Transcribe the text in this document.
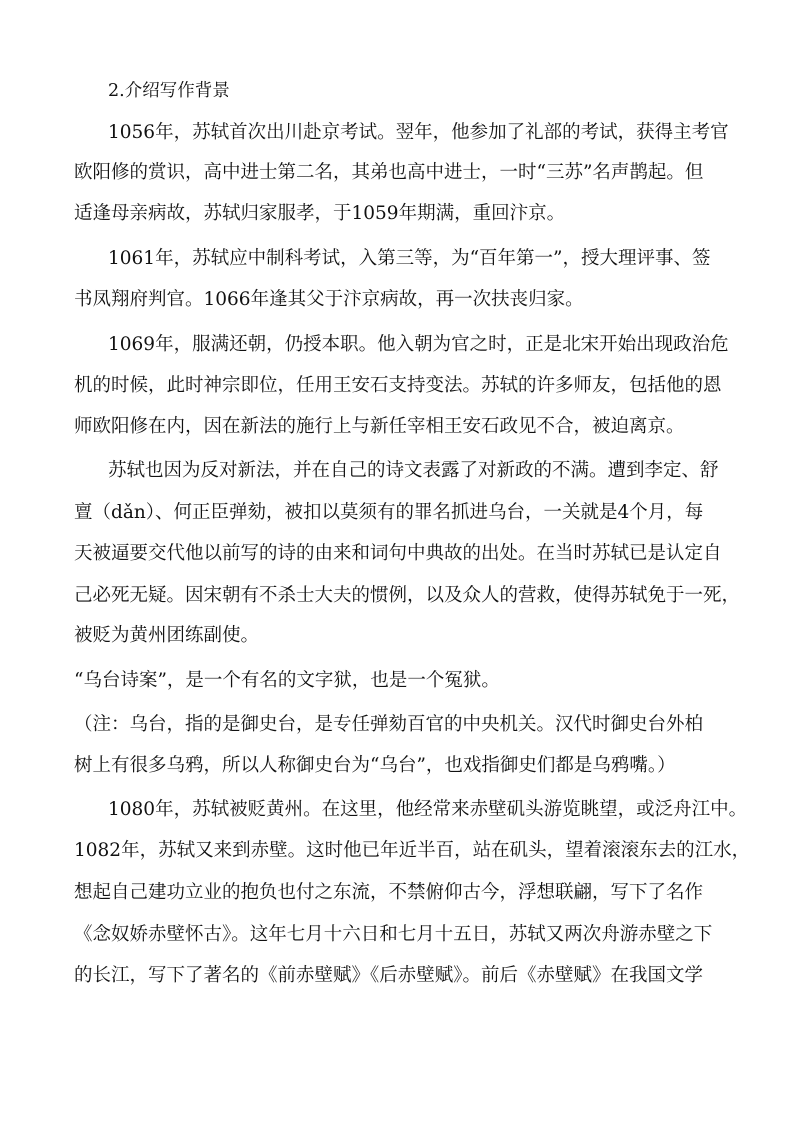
2.介绍写作背景
1056年，苏轼首次出川赴京考试。翌年，他参加了礼部的考试，获得主考官
欧阳修的赏识，高中进士第二名，其弟也高中进士，一时“三苏”名声鹊起。但
适逢母亲病故，苏轼归家服孝，于1059年期满，重回汴京。
1061年，苏轼应中制科考试，入第三等，为“百年第一”，授大理评事、签
书凤翔府判官。1066年逢其父于汴京病故，再一次扶丧归家。
1069年，服满还朝，仍授本职。他入朝为官之时，正是北宋开始出现政治危
机的时候，此时神宗即位，任用王安石支持变法。苏轼的许多师友，包括他的恩
师欧阳修在内，因在新法的施行上与新任宰相王安石政见不合，被迫离京。
苏轼也因为反对新法，并在自己的诗文表露了对新政的不满。遭到李定、舒
亶（dǎn）、何正臣弹劾，被扣以莫须有的罪名抓进乌台，一关就是4个月，每
天被逼要交代他以前写的诗的由来和词句中典故的出处。在当时苏轼已是认定自
己必死无疑。因宋朝有不杀士大夫的惯例，以及众人的营救，使得苏轼免于一死，
被贬为黄州团练副使。
“乌台诗案”，是一个有名的文字狱，也是一个冤狱。
（注：乌台，指的是御史台，是专任弹劾百官的中央机关。汉代时御史台外柏
树上有很多乌鸦，所以人称御史台为“乌台”，也戏指御史们都是乌鸦嘴。）
1080年，苏轼被贬黄州。在这里，他经常来赤壁矶头游览眺望，或泛舟江中。
1082年，苏轼又来到赤壁。这时他已年近半百，站在矶头，望着滚滚东去的江水，
想起自己建功立业的抱负也付之东流，不禁俯仰古今，浮想联翩，写下了名作
《念奴娇赤壁怀古》。这年七月十六日和七月十五日，苏轼又两次舟游赤壁之下
的长江，写下了著名的《前赤壁赋》《后赤壁赋》。前后《赤壁赋》在我国文学
